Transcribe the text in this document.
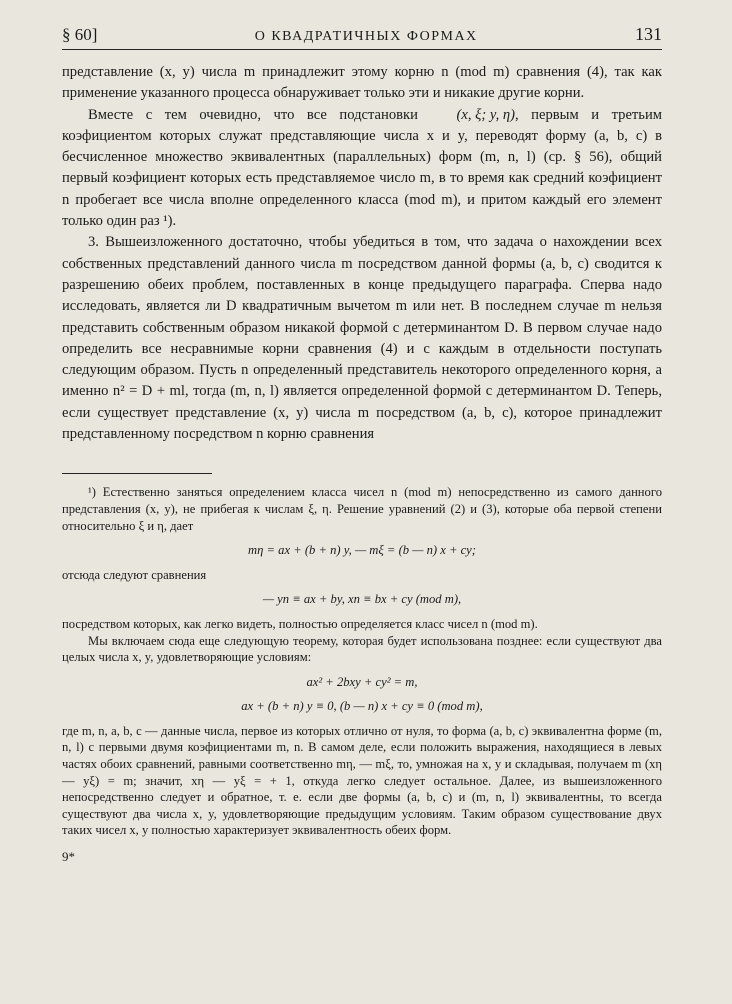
§ 60]	О КВАДРАТИЧНЫХ ФОРМАХ	131

представление (x, y) числа m принадлежит этому корню n (mod m) сравнения (4), так как применение указанного процесса обнаруживает только эти и никакие другие корни.

Вместе с тем очевидно, что все подстановки	(x, ξ; y, η), первым и третьим коэфициентом которых служат представляющие числа x и y, переводят форму (a, b, c) в бесчисленное множество эквивалентных (параллельных) форм (m, n, l) (ср. § 56), общий первый коэфициент которых есть представляемое число m, в то время как средний коэфициент n пробегает все числа вполне определенного класса (mod m), и притом каждый его элемент только один раз ¹).

3. Вышеизложенного достаточно, чтобы убедиться в том, что задача о нахождении всех собственных представлений данного числа m посредством данной формы (a, b, c) сводится к разрешению обеих проблем, поставленных в конце предыдущего параграфа. Сперва надо исследовать, является ли D квадратичным вычетом m или нет. В последнем случае m нельзя представить собственным образом никакой формой с детерминантом D. В первом случае надо определить все несравнимые корни сравнения (4) и с каждым в отдельности поступать следующим образом. Пусть n определенный представитель некоторого определенного корня, а именно n² = D + ml, тогда (m, n, l) является определенной формой с детерминантом D. Теперь, если существует представление (x, y) числа m посредством (a, b, c), которое принадлежит представленному посредством n корню сравнения

¹) Естественно заняться определением класса чисел n (mod m) непосредственно из самого данного представления (x, y), не прибегая к числам ξ, η. Решение уравнений (2) и (3), которые оба первой степени относительно ξ и η, дает

mη = ax + (b + n) y, — mξ = (b — n) x + cy;

отсюда следуют сравнения

— yn ≡ ax + by, xn ≡ bx + cy (mod m),

посредством которых, как легко видеть, полностью определяется класс чисел n (mod m).

Мы включаем сюда еще следующую теорему, которая будет использована позднее: если существуют два целых числа x, y, удовлетворяющие условиям:

ax² + 2bxy + cy² = m,
ax + (b + n) y ≡ 0, (b — n) x + cy ≡ 0 (mod m),

где m, n, a, b, c — данные числа, первое из которых отлично от нуля, то форма (a, b, c) эквивалентна форме (m, n, l) с первыми двумя коэфициентами m, n. В самом деле, если положить выражения, находящиеся в левых частях обоих сравнений, равными соответственно mη, — mξ, то, умножая на x, y и складывая, получаем m (xη — yξ) = m; значит, xη — yξ = + 1, откуда легко следует остальное. Далее, из вышеизложенного непосредственно следует и обратное, т. е. если две формы (a, b, c) и (m, n, l) эквивалентны, то всегда существуют два числа x, y, удовлетворяющие предыдущим условиям. Таким образом существование двух таких чисел x, y полностью характеризует эквивалентность обеих форм.

9*
